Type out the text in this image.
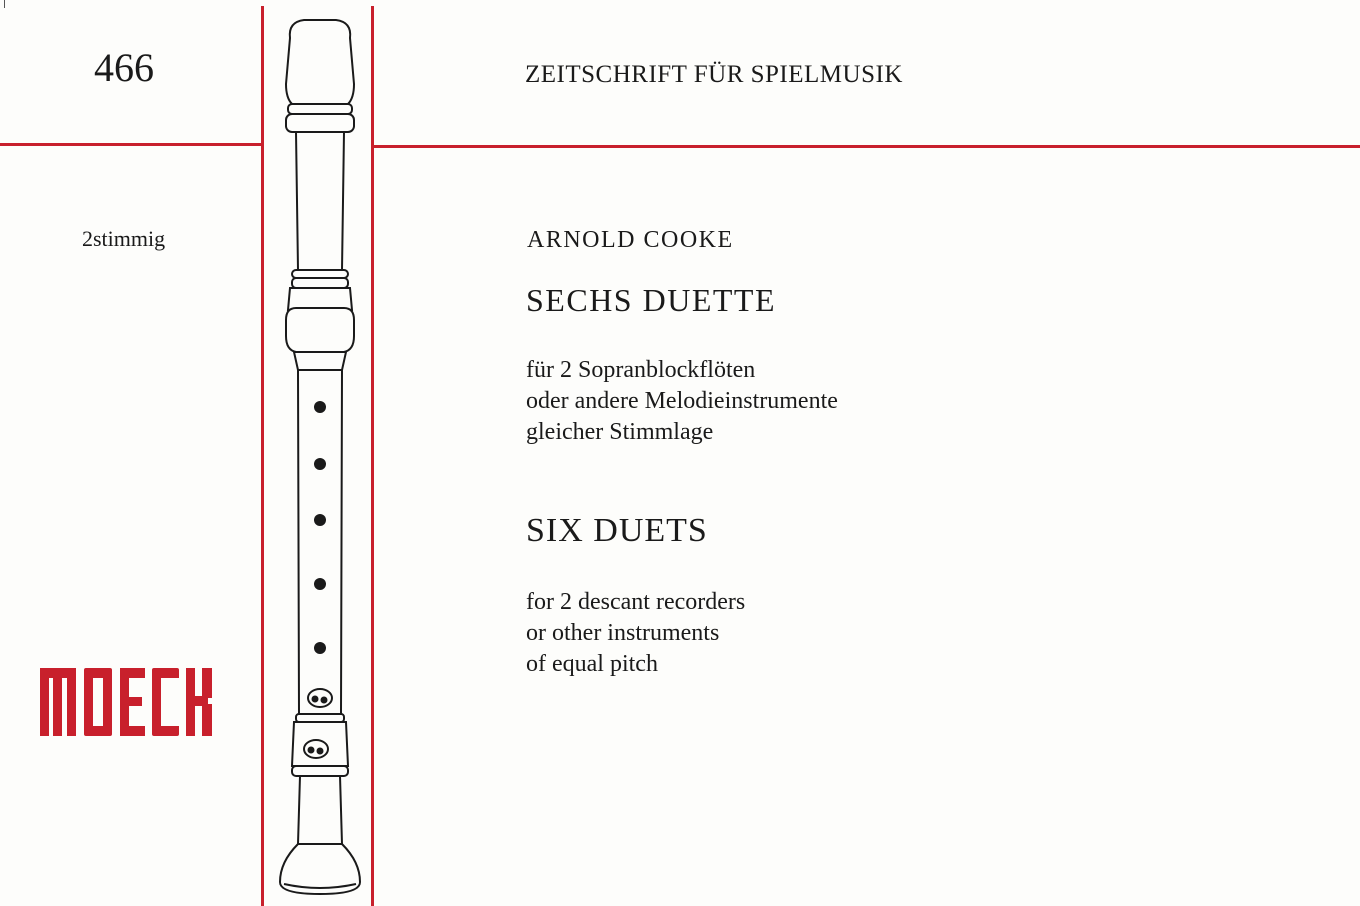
466
2stimmig
ZEITSCHRIFT FÜR SPIELMUSIK
ARNOLD COOKE
SECHS DUETTE
für 2 Sopranblockflöten
oder andere Melodieinstrumente
gleicher Stimmlage
SIX DUETS
for 2 descant recorders
or other instruments
of equal pitch
